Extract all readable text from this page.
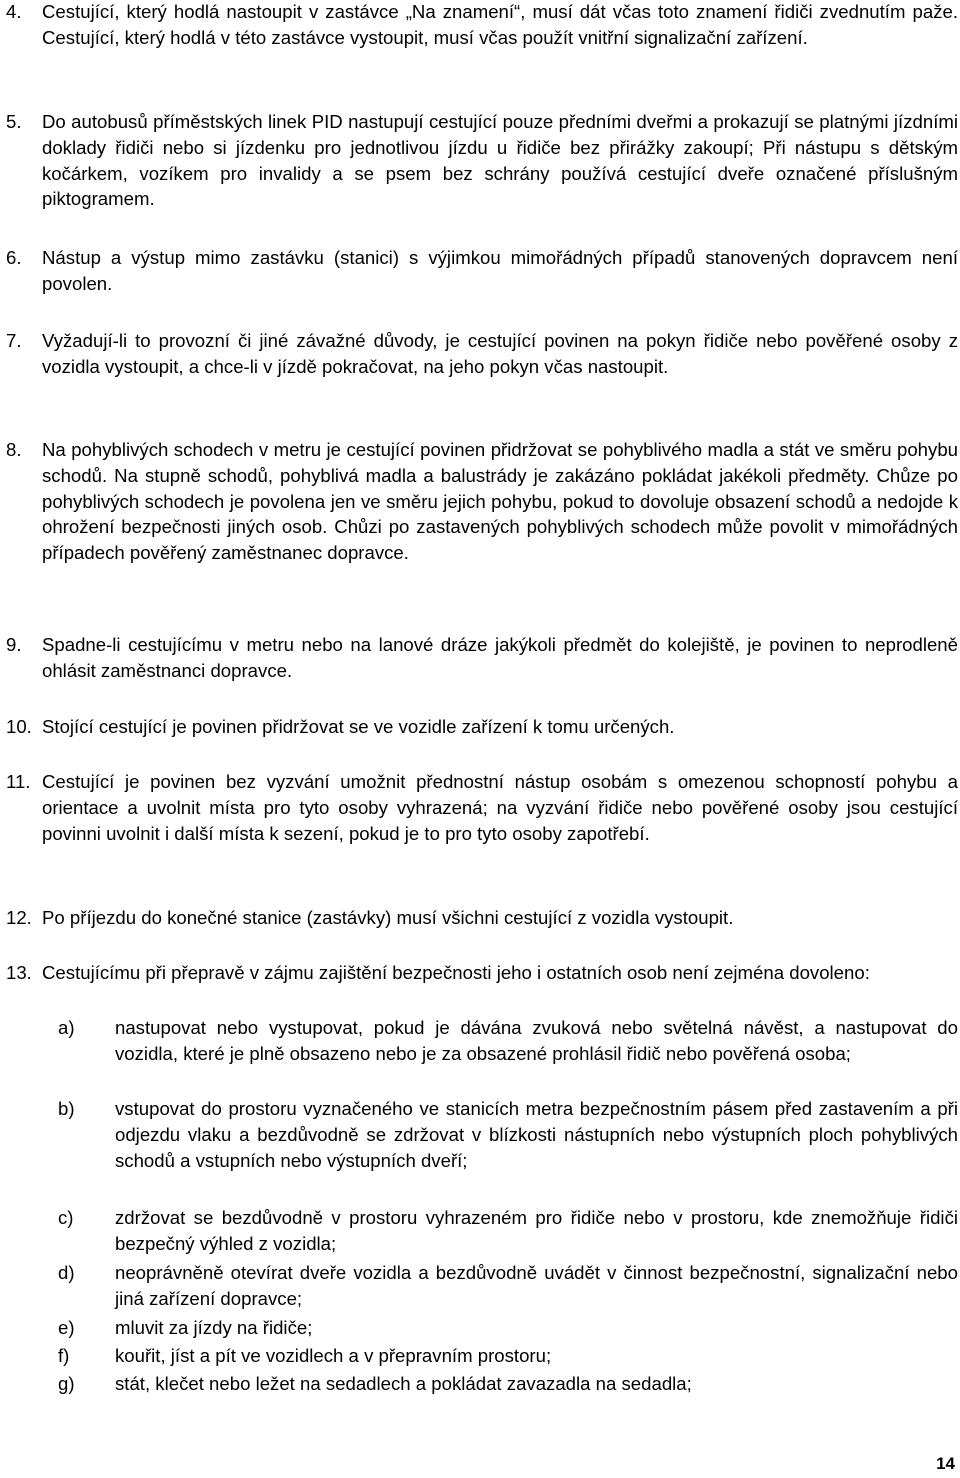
4. Cestující, který hodlá nastoupit v zastávce „Na znamení“, musí dát včas toto znamení řidiči zvednutím paže. Cestující, který hodlá v této zastávce vystoupit, musí včas použít vnitřní signalizační zařízení.
5. Do autobusů příměstských linek PID nastupují cestující pouze předními dveřmi a prokazují se platnými jízdními doklady řidiči nebo si jízdenku pro jednotlivou jízdu u řidiče bez přirážky zakoupí; Při nástupu s dětským kočárkem, vozíkem pro invalidy a se psem bez schrány používá cestující dveře označené příslušným piktogramem.
6. Nástup a výstup mimo zastávku (stanici) s výjimkou mimořádných případů stanovených dopravcem není povolen.
7. Vyžadují-li to provozní či jiné závažné důvody, je cestující povinen na pokyn řidiče nebo pověřené osoby z vozidla vystoupit, a chce-li v jízdě pokračovat, na jeho pokyn včas nastoupit.
8. Na pohyblivých schodech v metru je cestující povinen přidržovat se pohyblivého madla a stát ve směru pohybu schodů. Na stupně schodů, pohyblivá madla a balustrády je zakázáno pokládat jakékoli předměty. Chůze po pohyblivých schodech je povolena jen ve směru jejich pohybu, pokud to dovoluje obsazení schodů a nedojde k ohrožení bezpečnosti jiných osob. Chůzi po zastavených pohyblivých schodech může povolit v mimořádných případech pověřený zaměstnanec dopravce.
9. Spadne-li cestujícímu v metru nebo na lanové dráze jakýkoli předmět do kolejiště, je povinen to neprodleně ohlásit zaměstnanci dopravce.
10. Stojící cestující je povinen přidržovat se ve vozidle zařízení k tomu určených.
11. Cestující je povinen bez vyzvání umožnit přednostní nástup osobám s omezenou schopností pohybu a orientace a uvolnit místa pro tyto osoby vyhrazená; na vyzvání řidiče nebo pověřené osoby jsou cestující povinni uvolnit i další místa k sezení, pokud je to pro tyto osoby zapotřebí.
12. Po příjezdu do konečné stanice (zastávky) musí všichni cestující z vozidla vystoupit.
13. Cestujícímu při přepravě v zájmu zajištění bezpečnosti jeho i ostatních osob není zejména dovoleno:
a) nastupovat nebo vystupovat, pokud je dávána zvuková nebo světelná návěst, a nastupovat do vozidla, které je plně obsazeno nebo je za obsazené prohlásil řidič nebo pověřená osoba;
b) vstupovat do prostoru vyznačeného ve stanicích metra bezpečnostním pásem před zastavením a při odjezdu vlaku a bezdůvodně se zdržovat v blízkosti nástupních nebo výstupních ploch pohyblivých schodů a vstupních nebo výstupních dveří;
c) zdržovat se bezdůvodně v prostoru vyhrazeném pro řidiče nebo v prostoru, kde znemožňuje řidiči bezpečný výhled z vozidla;
d) neoprávněně otevírat dveře vozidla a bezdůvodně uvádět v činnost bezpečnostní, signalizační nebo jiná zařízení dopravce;
e) mluvit za jízdy na řidiče;
f) kouřit, jíst a pít ve vozidlech a v přepravním prostoru;
g) stát, klečet nebo ležet na sedadlech a pokládat zavazadla na sedadla;
14
